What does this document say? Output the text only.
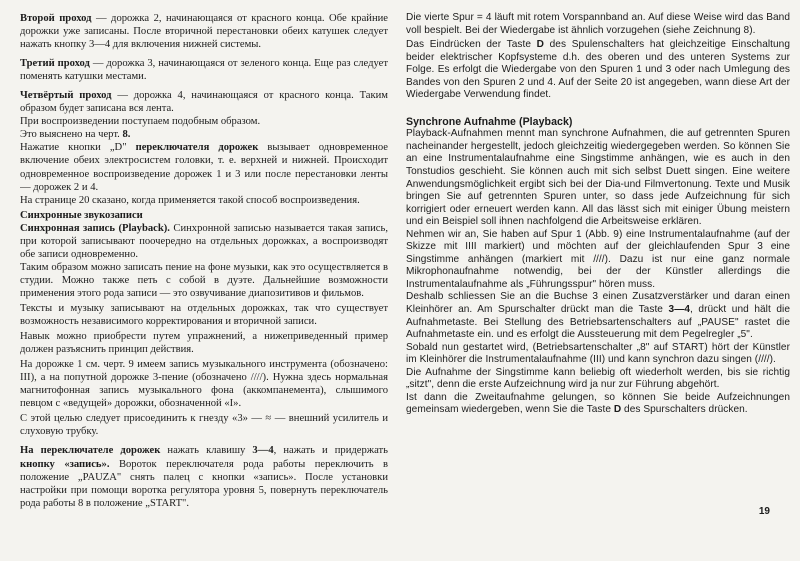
Второй проход — дорожка 2, начинающаяся от красного конца. Обе крайние дорожки уже записаны. После вторичной перестановки обеих катушек следует нажать кнопку 3—4 для включения нижней системы.

Третий проход — дорожка 3, начинающаяся от зеленого конца. Еще раз следует поменять катушки местами.

Четвёртый проход — дорожка 4, начинающаяся от красного конца. Таким образом будет записана вся лента.

При воспроизведении поступаем подобным образом.

Это выяснено на черт. 8.

Нажатие кнопки „D" переключателя дорожек вызывает одновременное включение обеих электросистем головки, т. е. верхней и нижней. Происходит одновременное воспроизведение дорожек 1 и 3 или после перестановки ленты — дорожек 2 и 4.

На странице 20 сказано, когда применяется такой способ воспроизведения.

Синхронные звукозаписи

Синхронная запись (Playback). Синхронной записью называется такая запись, при которой записывают поочередно на отдельных дорожках, а воспроизводят обе записи одновременно.

Таким образом можно записать пение на фоне музыки, как это осуществляется в студии. Можно также петь с собой в дуэте. Дальнейшие возможности применения этого рода записи — это озвучивание диапозитивов и фильмов.

Тексты и музыку записывают на отдельных дорожках, так что существует возможность независимого корректирования и вторичной записи.

Навык можно приобрести путем упражнений, а нижеприведенный пример должен разъяснить принцип действия.

На дорожке 1 см. черт. 9 имеем запись музыкального инструмента (обозначено: III), а на попутной дорожке 3-пение (обозначено ////). Нужна здесь нормальная магнитофонная запись музыкального фона (аккомпанемента), слышимого певцом с «ведущей» дорожки, обозначенной «I».

С этой целью следует присоединить к гнезду «3» — ≈ — внешний усилитель и слуховую трубку.

На переключателе дорожек нажать клавишу 3—4, нажать и придержать кнопку «запись». Вороток переключателя рода работы переключить в положение „PAUZA" снять палец с кнопки «запись». После установки настройки при помощи воротка регулятора уровня 5, повернуть переключатель рода работы 8 в положение „START".

Die vierte Spur = 4 läuft mit rotem Vorspannband an. Auf diese Weise wird das Band voll bespielt. Bei der Wiedergabe ist ähnlich vorzugehen (siehe Zeichnung 8).

Das Eindrücken der Taste D des Spulenschalters hat gleichzeitige Einschaltung beider elektrischer Kopfsysteme d.h. des oberen und des unteren Systems zur Folge. Es erfolgt die Wiedergabe von den Spuren 1 und 3 oder nach Umlegung des Bandes von den Spuren 2 und 4. Auf der Seite 20 ist angegeben, wann diese Art der Wiedergabe Verwendung findet.

Synchrone Aufnahme (Playback)

Playback-Aufnahmen mennt man synchrone Aufnahmen, die auf getrennten Spuren nacheinander hergestellt, jedoch gleichzeitig wiedergegeben werden. So können Sie an eine Instrumentalaufnahme eine Singstimme anhängen, wie es auch in den Tonstudios geschieht. Sie können auch mit sich selbst Duett singen. Eine weitere Anwendungsmöglichkeit ergibt sich bei der Dia-und Filmvertonung. Texte und Musik bringen Sie auf getrennten Spuren unter, so dass jede Aufzeichnung für sich korrigiert oder erneuert werden kann. All das lässt sich mit einiger Übung meistern und ein Beispiel soll ihnen nachfolgend die Arbeitsweise erklären.

Nehmen wir an, Sie haben auf Spur 1 (Abb. 9) eine Instrumentalaufnahme (auf der Skizze mit IIII markiert) und möchten auf der gleichlaufenden Spur 3 eine Singstimme anhängen (markiert mit ////). Dazu ist nur eine ganz normale Mikrophonaufnahme notwendig, bei der der Künstler allerdings die Instrumentalaufnahme als „Führungsspur" hören muss.

Deshalb schliessen Sie an die Buchse 3 einen Zusatzverstärker und daran einen Kleinhörer an. Am Spurschalter drückt man die Taste 3—4, drückt und hält die Aufnahmetaste. Bei Stellung des Betriebsartenschalters auf „PAUSE" rastet die Aufnahmetaste ein. und es erfolgt die Aussteuerung mit dem Pegelregler „5".

Sobald nun gestartet wird, (Betriebsartenschalter „8" auf START) hört der Künstler im Kleinhörer die Instrumentalaufnahme (III) und kann synchron dazu singen (////).

Die Aufnahme der Singstimme kann beliebig oft wiederholt werden, bis sie richtig „sitzt", denn die erste Aufzeichnung wird ja nur zur Führung abgehört.

Ist dann die Zweitaufnahme gelungen, so können Sie beide Aufzeichnungen gemeinsam wiedergeben, wenn Sie die Taste D des Spurschalters drücken.

19
